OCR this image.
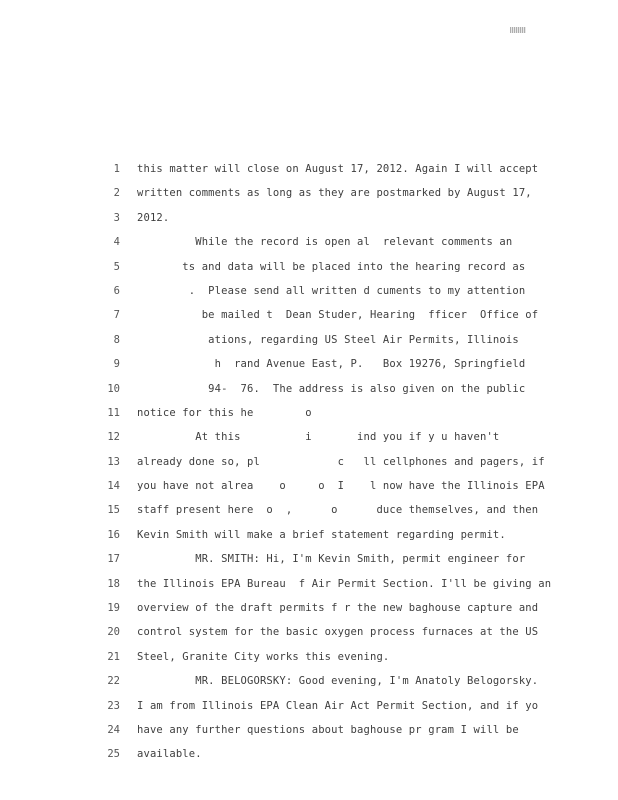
1 this matter will close on August 17, 2012. Again I will accept
2 written comments as long as they are postmarked by August 17,
3 2012.
4 While the record is open al  relevant comments an
5 ts and data will be placed into the hearing record as
6 .  Please send all written d cuments to my attention
7 be mailed t  Dean Studer, Hearing  fficer  Office of
8 ations, regarding US Steel Air Permits, Illinois
9 h  rand Avenue East, P.   Box 19276, Springfield
10 94-  76.  The address is also given on the public
11 notice for this he        o
12 At this          i       ind you if y u haven't
13 already done so, pl            c   ll cellphones and pagers, if
14 you have not alrea    o     o  I    l now have the Illinois EPA
15 staff present here  o  ,      o      duce themselves, and then
16 Kevin Smith will make a brief statement regarding permit.
17 MR. SMITH: Hi, I'm Kevin Smith, permit engineer for
18 the Illinois EPA Bureau  f Air Permit Section. I'll be giving an
19 overview of the draft permits f r the new baghouse capture and
20 control system for the basic oxygen process furnaces at the US
21 Steel, Granite City works this evening.
22 MR. BELOGORSKY: Good evening, I'm Anatoly Belogorsky.
23 I am from Illinois EPA Clean Air Act Permit Section, and if yo
24 have any further questions about baghouse pr gram I will be
25 available.
